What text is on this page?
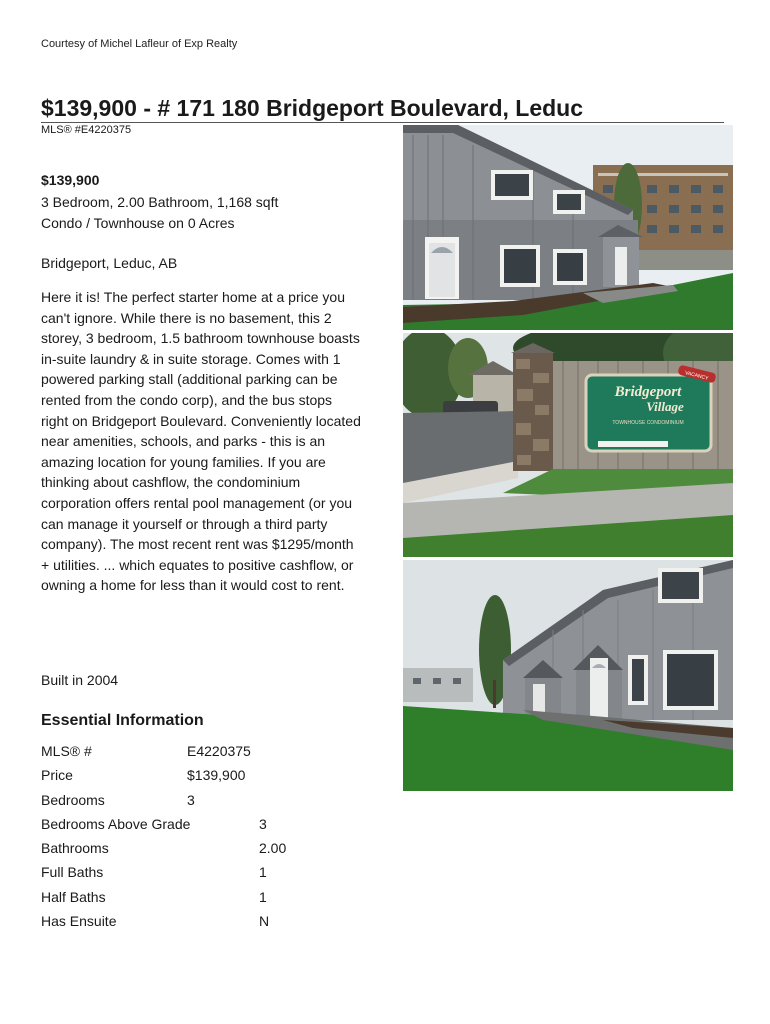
Courtesy of Michel Lafleur of Exp Realty
$139,900 - # 171 180 Bridgeport Boulevard, Leduc
MLS® #E4220375
$139,900
3 Bedroom, 2.00 Bathroom, 1,168 sqft
Condo / Townhouse on 0 Acres
Bridgeport, Leduc, AB

Here it is! The perfect starter home at a price you can't ignore. While there is no basement, this 2 storey, 3 bedroom, 1.5 bathroom townhouse boasts in-suite laundry & in suite storage. Comes with 1 powered parking stall (additional parking can be rented from the condo corp), and the bus stops right on Bridgeport Boulevard. Conveniently located near amenities, schools, and parks - this is an amazing location for young families. If you are thinking about cashflow, the condominium corporation offers rental pool management (or you can manage it yourself or through a third party company). The most recent rent was $1295/month + utilities. ... which equates to positive cashflow, or owning a home for less than it would cost to rent.

Built in 2004
Essential Information
MLS® #	E4220375
Price	$139,900
Bedrooms	3
Bedrooms Above Grade	3
Bathrooms	2.00
Full Baths	1
Half Baths	1
Has Ensuite	N
Bridgeport
Village
TOWNHOUSE CONDOMINIUM
VACANCY
